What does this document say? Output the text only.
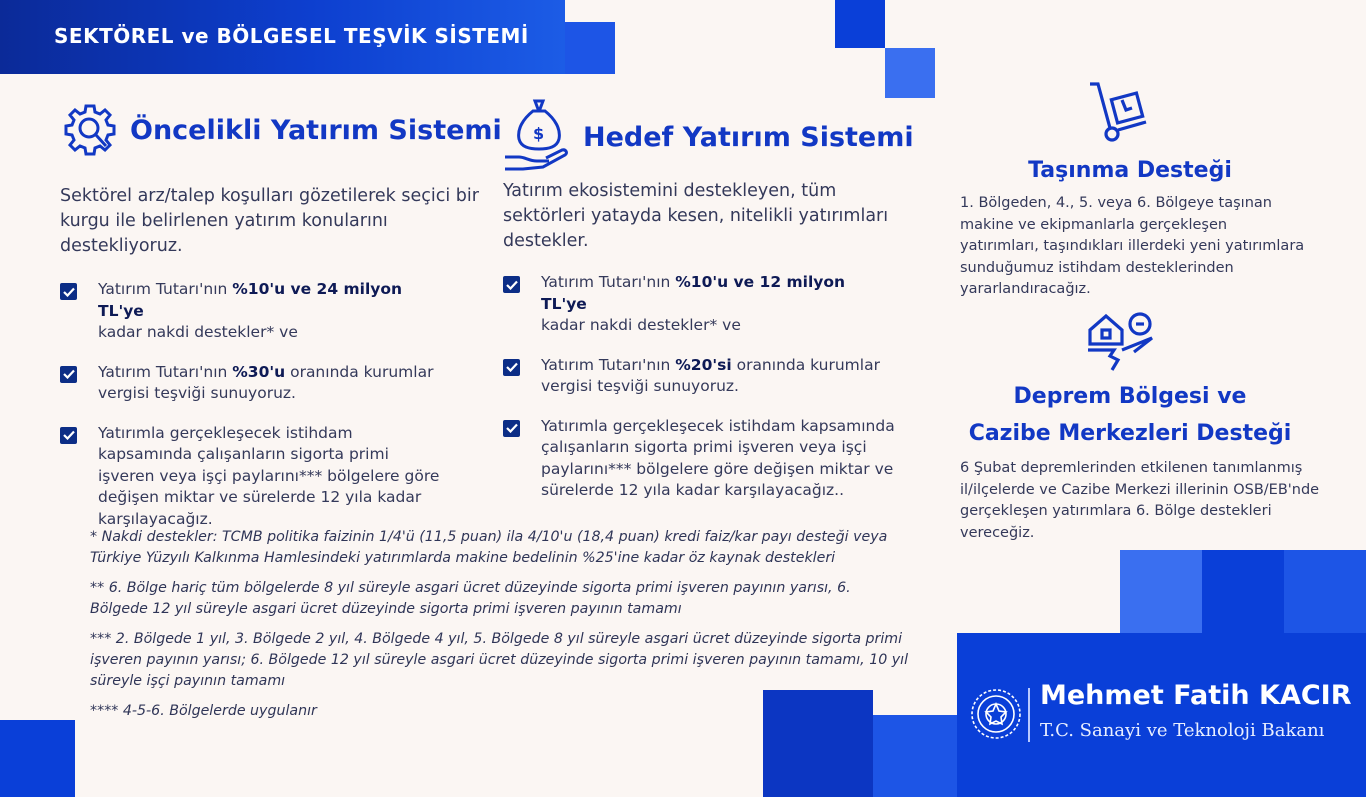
SEKTÖREL ve BÖLGESEL TEŞVİK SİSTEMİ
Öncelikli Yatırım Sistemi
Sektörel arz/talep koşulları gözetilerek seçici bir
kurgu ile belirlenen yatırım konularını
destekliyoruz.
Yatırım Tutarı'nın %10'u ve 24 milyon TL'ye
kadar nakdi destekler* ve
Yatırım Tutarı'nın %30'u oranında kurumlar vergisi teşviği sunuyoruz.
Yatırımla gerçekleşecek istihdam kapsamında çalışanların sigorta primi işveren veya işçi paylarını*** bölgelere göre değişen miktar ve sürelerde 12 yıla kadar karşılayacağız.
$ Hedef Yatırım Sistemi
Yatırım ekosistemini destekleyen, tüm
sektörleri yatayda kesen, nitelikli yatırımları
destekler.
Yatırım Tutarı'nın %10'u ve 12 milyon TL'ye
kadar nakdi destekler* ve
Yatırım Tutarı'nın %20'si oranında kurumlar vergisi teşviği sunuyoruz.
Yatırımla gerçekleşecek istihdam kapsamında çalışanların sigorta primi işveren veya işçi paylarını*** bölgelere göre değişen miktar ve sürelerde 12 yıla kadar karşılayacağız..

* Nakdi destekler: TCMB politika faizinin 1/4'ü (11,5 puan) ila 4/10'u (18,4 puan) kredi faiz/kar payı desteği veya Türkiye Yüzyılı Kalkınma Hamlesindeki yatırımlarda makine bedelinin %25'ine kadar öz kaynak destekleri

** 6. Bölge hariç tüm bölgelerde 8 yıl süreyle asgari ücret düzeyinde sigorta primi işveren payının yarısı, 6. Bölgede 12 yıl süreyle asgari ücret düzeyinde sigorta primi işveren payının tamamı

*** 2. Bölgede 1 yıl, 3. Bölgede 2 yıl, 4. Bölgede 4 yıl, 5. Bölgede 8 yıl süreyle asgari ücret düzeyinde sigorta primi işveren payının yarısı; 6. Bölgede 12 yıl süreyle asgari ücret düzeyinde sigorta primi işveren payının tamamı, 10 yıl süreyle işçi payının tamamı

**** 4-5-6. Bölgelerde uygulanır

Taşınma Desteği
1. Bölgeden, 4., 5. veya 6. Bölgeye taşınan makine ve ekipmanlarla gerçekleşen yatırımları, taşındıkları illerdeki yeni yatırımlara sunduğumuz istihdam desteklerinden yararlandıracağız.
Deprem Bölgesi ve
Cazibe Merkezleri Desteği
6 Şubat depremlerinden etkilenen tanımlanmış il/ilçelerde ve Cazibe Merkezi illerinin OSB/EB'nde gerçekleşen yatırımlara 6. Bölge destekleri vereceğiz.
Mehmet Fatih KACIR
T.C. Sanayi ve Teknoloji Bakanı
